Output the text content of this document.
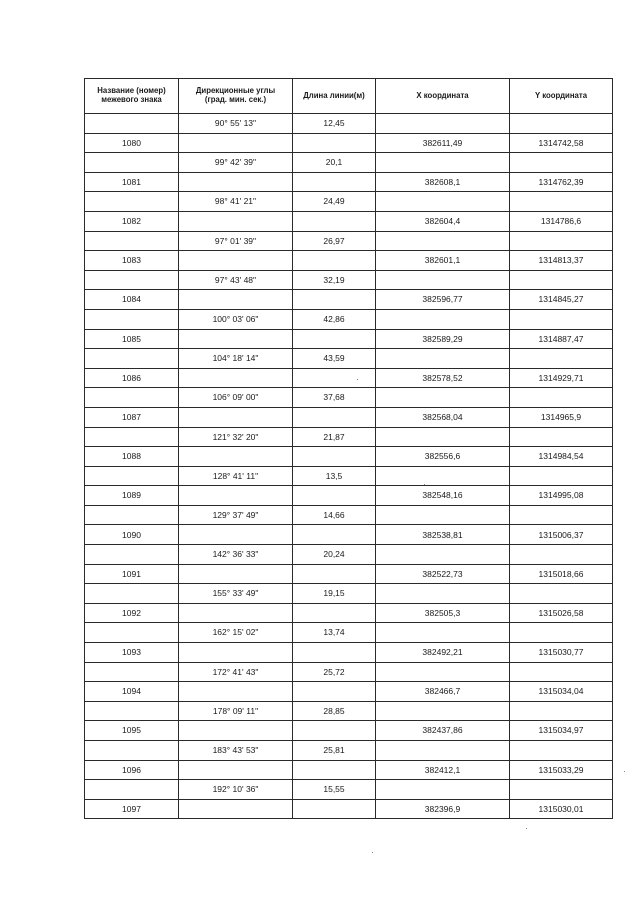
Название (номер)
межевого знака	Дирекционные углы
(град. мин. сек.)	Длина линии(м)	X координата	Y координата
	90° 55' 13"	12,45		
1080			382611,49	1314742,58
	99° 42' 39"	20,1		
1081			382608,1	1314762,39
	98° 41' 21"	24,49		
1082			382604,4	1314786,6
	97° 01' 39"	26,97		
1083			382601,1	1314813,37
	97° 43' 48"	32,19		
1084			382596,77	1314845,27
	100° 03' 06"	42,86		
1085			382589,29	1314887,47
	104° 18' 14"	43,59		
1086			382578,52	1314929,71
	106° 09' 00"	37,68		
1087			382568,04	1314965,9
	121° 32' 20"	21,87		
1088			382556,6	1314984,54
	128° 41' 11"	13,5		
1089			382548,16	1314995,08
	129° 37' 49"	14,66		
1090			382538,81	1315006,37
	142° 36' 33"	20,24		
1091			382522,73	1315018,66
	155° 33' 49"	19,15		
1092			382505,3	1315026,58
	162° 15' 02"	13,74		
1093			382492,21	1315030,77
	172° 41' 43"	25,72		
1094			382466,7	1315034,04
	178° 09' 11"	28,85		
1095			382437,86	1315034,97
	183° 43' 53"	25,81		
1096			382412,1	1315033,29
	192° 10' 36"	15,55		
1097			382396,9	1315030,01
